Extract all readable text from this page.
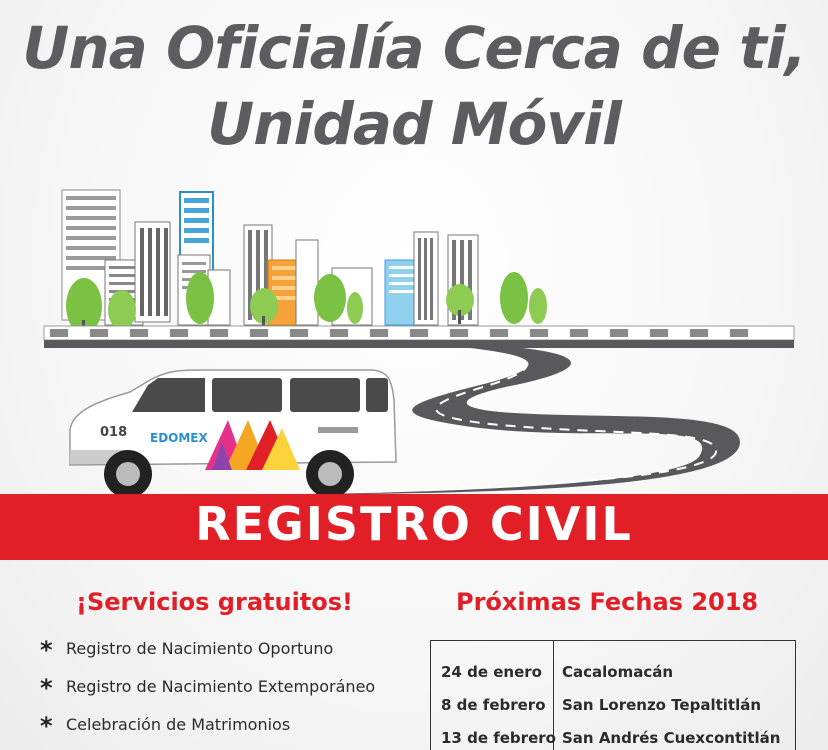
Una Oficialía Cerca de ti,
Unidad Móvil
018 EDOMEX
REGISTRO CIVIL
¡Servicios gratuitos!	Próximas Fechas 2018
* Registro de Nacimiento Oportuno
* Registro de Nacimiento Extemporáneo
* Celebración de Matrimonios
24 de enero Cacalomacán
8 de febrero San Lorenzo Tepaltitlán
13 de febrero San Andrés Cuexcontitlán
